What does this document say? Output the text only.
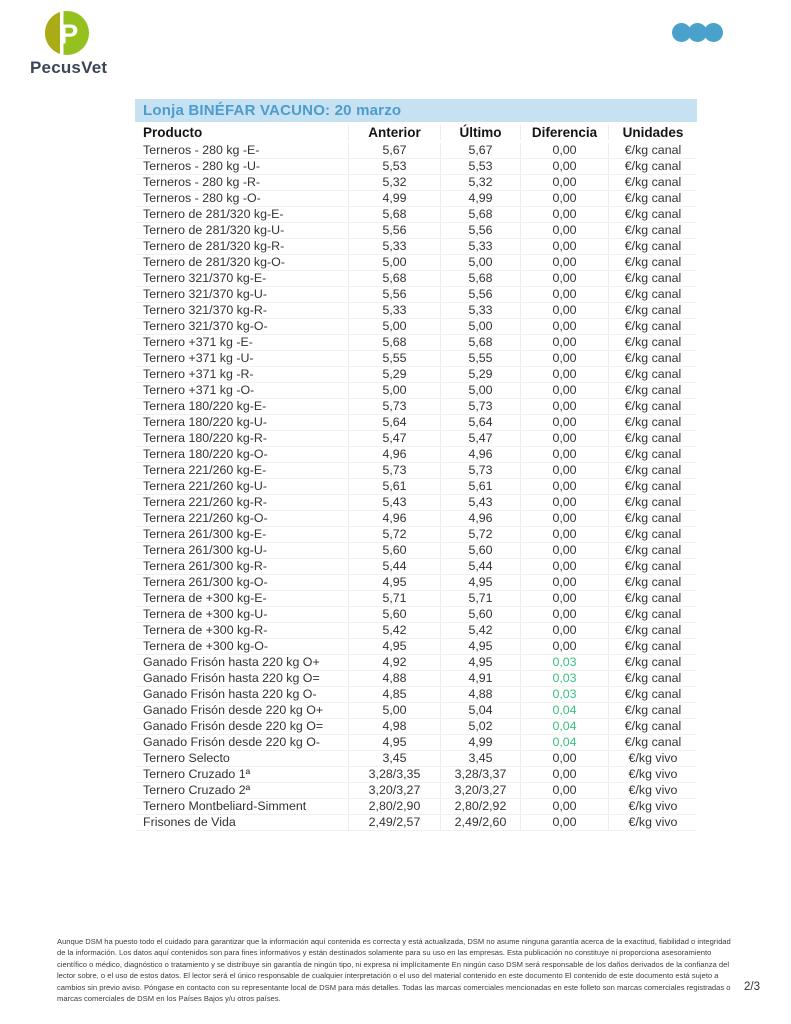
P
PecusVet
Lonja BINÉFAR VACUNO: 20 marzo
Producto	Anterior	Último	Diferencia	Unidades
Terneros - 280 kg -E-	5,67	5,67	0,00	€/kg canal
Terneros - 280 kg -U-	5,53	5,53	0,00	€/kg canal
Terneros - 280 kg -R-	5,32	5,32	0,00	€/kg canal
Terneros - 280 kg -O-	4,99	4,99	0,00	€/kg canal
Ternero de 281/320 kg-E-	5,68	5,68	0,00	€/kg canal
Ternero de 281/320 kg-U-	5,56	5,56	0,00	€/kg canal
Ternero de 281/320 kg-R-	5,33	5,33	0,00	€/kg canal
Ternero de 281/320 kg-O-	5,00	5,00	0,00	€/kg canal
Ternero 321/370 kg-E-	5,68	5,68	0,00	€/kg canal
Ternero 321/370 kg-U-	5,56	5,56	0,00	€/kg canal
Ternero 321/370 kg-R-	5,33	5,33	0,00	€/kg canal
Ternero 321/370 kg-O-	5,00	5,00	0,00	€/kg canal
Ternero +371 kg -E-	5,68	5,68	0,00	€/kg canal
Ternero +371 kg -U-	5,55	5,55	0,00	€/kg canal
Ternero +371 kg -R-	5,29	5,29	0,00	€/kg canal
Ternero +371 kg -O-	5,00	5,00	0,00	€/kg canal
Ternera 180/220 kg-E-	5,73	5,73	0,00	€/kg canal
Ternera 180/220 kg-U-	5,64	5,64	0,00	€/kg canal
Ternera 180/220 kg-R-	5,47	5,47	0,00	€/kg canal
Ternera 180/220 kg-O-	4,96	4,96	0,00	€/kg canal
Ternera 221/260 kg-E-	5,73	5,73	0,00	€/kg canal
Ternera 221/260 kg-U-	5,61	5,61	0,00	€/kg canal
Ternera 221/260 kg-R-	5,43	5,43	0,00	€/kg canal
Ternera 221/260 kg-O-	4,96	4,96	0,00	€/kg canal
Ternera 261/300 kg-E-	5,72	5,72	0,00	€/kg canal
Ternera 261/300 kg-U-	5,60	5,60	0,00	€/kg canal
Ternera 261/300 kg-R-	5,44	5,44	0,00	€/kg canal
Ternera 261/300 kg-O-	4,95	4,95	0,00	€/kg canal
Ternera de +300 kg-E-	5,71	5,71	0,00	€/kg canal
Ternera de +300 kg-U-	5,60	5,60	0,00	€/kg canal
Ternera de +300 kg-R-	5,42	5,42	0,00	€/kg canal
Ternera de +300 kg-O-	4,95	4,95	0,00	€/kg canal
Ganado Frisón hasta 220 kg O+	4,92	4,95	0,03	€/kg canal
Ganado Frisón hasta 220 kg O=	4,88	4,91	0,03	€/kg canal
Ganado Frisón hasta 220 kg O-	4,85	4,88	0,03	€/kg canal
Ganado Frisón desde 220 kg O+	5,00	5,04	0,04	€/kg canal
Ganado Frisón desde 220 kg O=	4,98	5,02	0,04	€/kg canal
Ganado Frisón desde 220 kg O-	4,95	4,99	0,04	€/kg canal
Ternero Selecto	3,45	3,45	0,00	€/kg vivo
Ternero Cruzado 1ª	3,28/3,35	3,28/3,37	0,00	€/kg vivo
Ternero Cruzado 2ª	3,20/3,27	3,20/3,27	0,00	€/kg vivo
Ternero Montbeliard-Simment	2,80/2,90	2,80/2,92	0,00	€/kg vivo
Frisones de Vida	2,49/2,57	2,49/2,60	0,00	€/kg vivo

Aunque DSM ha puesto todo el cuidado para garantizar que la información aquí contenida es correcta y está actualizada, DSM no asume ninguna garantía acerca de la exactitud, fiabilidad o integridad de la información. Los datos aquí contenidos son para fines informativos y están destinados solamente para su uso en las empresas. Esta publicación no constituye ni proporciona asesoramiento científico o médico, diagnóstico o tratamiento y se distribuye sin garantía de ningún tipo, ni expresa ni implícitamente En ningún caso DSM será responsable de los daños derivados de la confianza del lector sobre, o el uso de estos datos. El lector será el único responsable de cualquier interpretación o el uso del material contenido en este documento El contenido de este documento está sujeto a cambios sin previo aviso. Póngase en contacto con su representante local de DSM para más detalles. Todas las marcas comerciales mencionadas en este folleto son marcas comerciales registradas o marcas comerciales de DSM en los Países Bajos y/u otros países.

2/3
